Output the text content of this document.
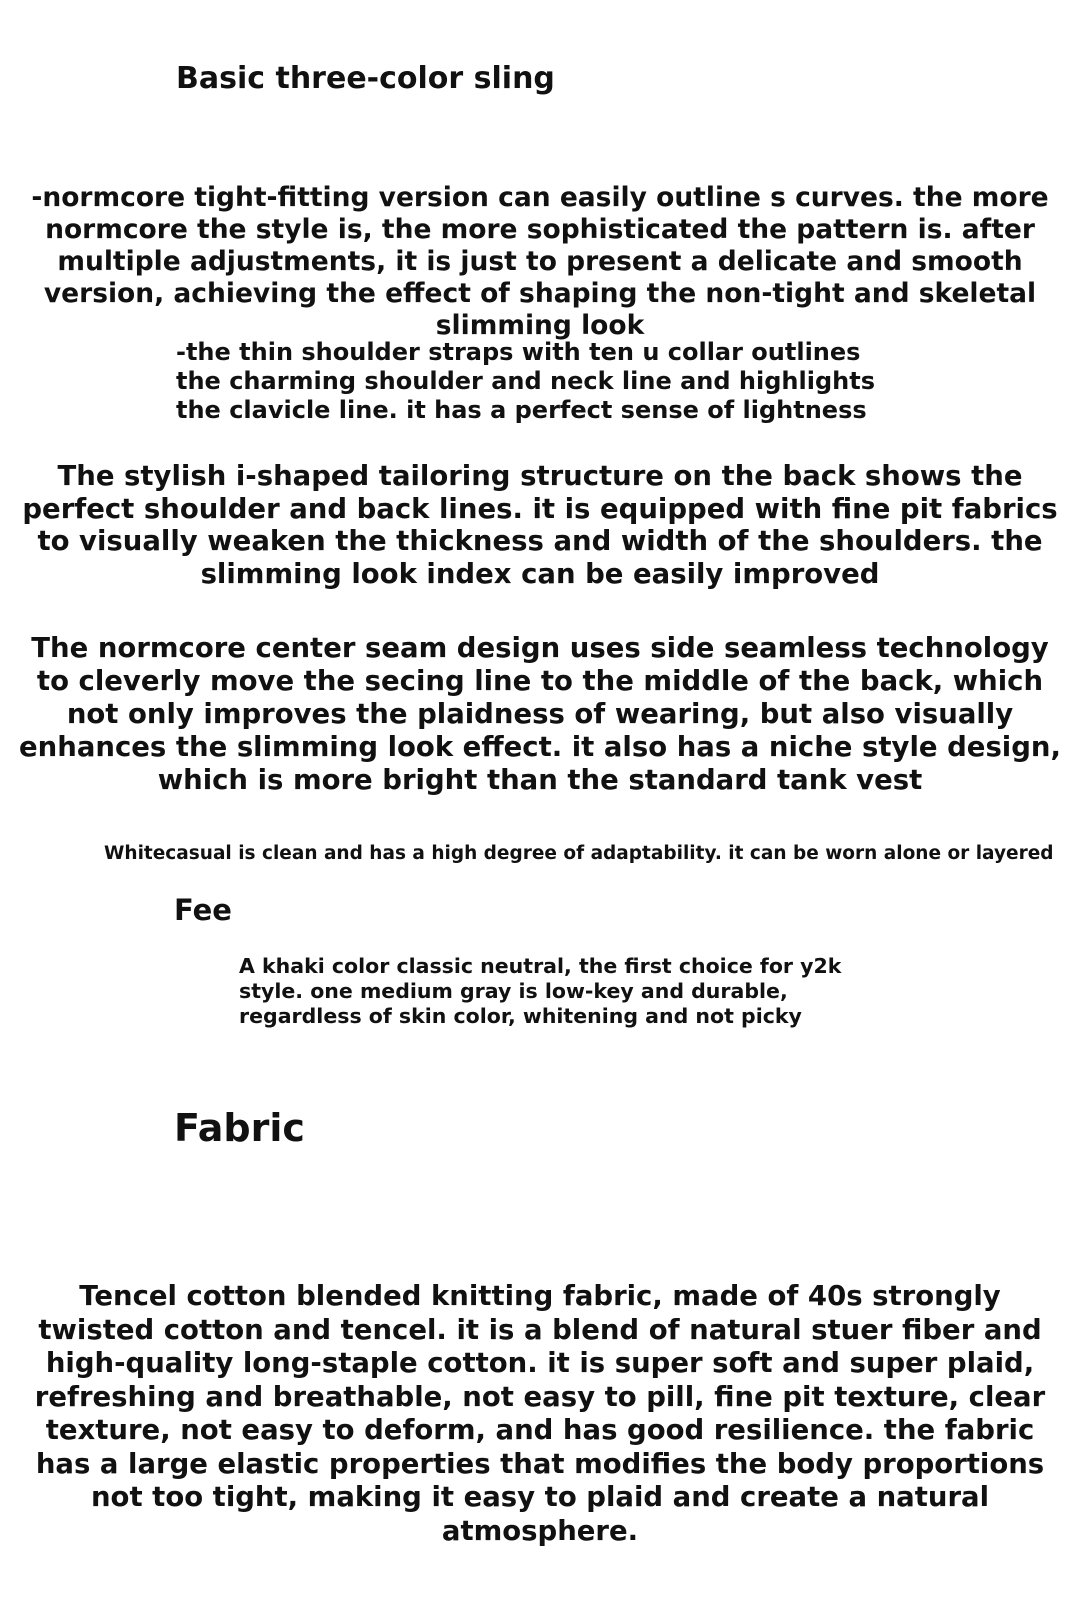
Basic three-color sling

-normcore tight-fitting version can easily outline s curves. the more normcore the style is, the more sophisticated the pattern is. after multiple adjustments, it is just to present a delicate and smooth version, achieving the effect of shaping the non-tight and skeletal slimming look

-the thin shoulder straps with ten u collar outlines
the charming shoulder and neck line and highlights
the clavicle line. it has a perfect sense of lightness

The stylish i-shaped tailoring structure on the back shows the perfect shoulder and back lines. it is equipped with fine pit fabrics to visually weaken the thickness and width of the shoulders. the slimming look index can be easily improved

The normcore center seam design uses side seamless technology to cleverly move the secing line to the middle of the back, which not only improves the plaidness of wearing, but also visually enhances the slimming look effect. it also has a niche style design, which is more bright than the standard tank vest

Whitecasual is clean and has a high degree of adaptability. it can be worn alone or layered

Fee
A khaki color classic neutral, the first choice for y2k
style. one medium gray is low-key and durable,
regardless of skin color, whitening and not picky
Fabric

Tencel cotton blended knitting fabric, made of 40s strongly twisted cotton and tencel. it is a blend of natural stuer fiber and high-quality long-staple cotton. it is super soft and super plaid, refreshing and breathable, not easy to pill, fine pit texture, clear texture, not easy to deform, and has good resilience. the fabric has a large elastic properties that modifies the body proportions not too tight, making it easy to plaid and create a natural atmosphere.
